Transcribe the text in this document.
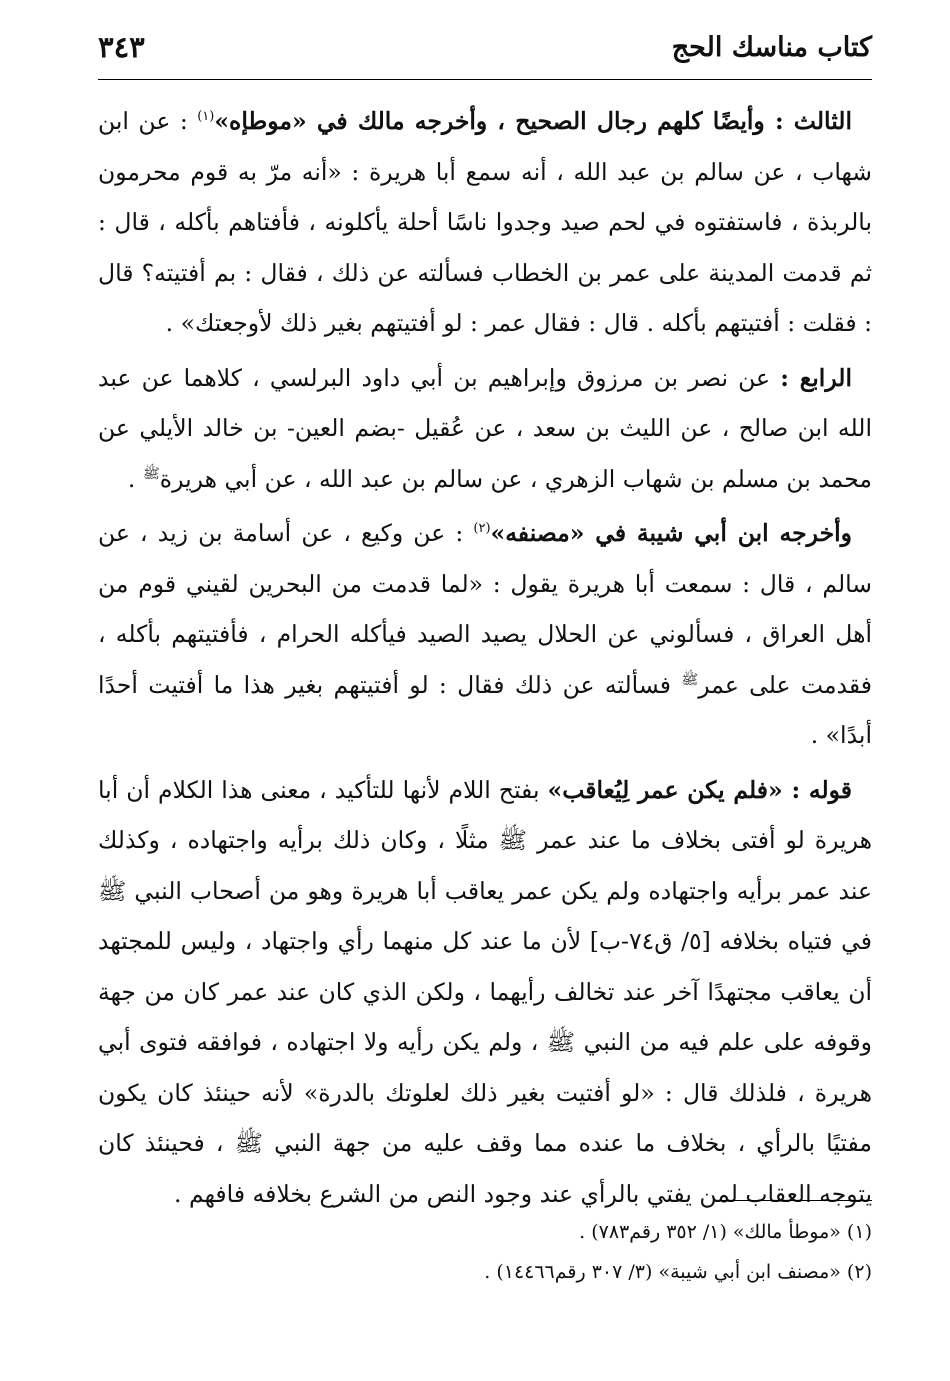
كتاب مناسك الحج
٣٤٣

الثالث : وأيضًا كلهم رجال الصحيح ، وأخرجه مالك في «موطإه»$^{(١)}$ : عن ابن شهاب ، عن سالم بن عبد الله ، أنه سمع أبا هريرة : «أنه مرّ به قوم محرمون بالربذة ، فاستفتوه في لحم صيد وجدوا ناسًا أحلة يأكلونه ، فأفتاهم بأكله ، قال : ثم قدمت المدينة على عمر بن الخطاب فسألته عن ذلك ، فقال : بم أفتيته؟ قال : فقلت : أفتيتهم بأكله . قال : فقال عمر : لو أفتيتهم بغير ذلك لأوجعتك» .

الرابع : عن نصر بن مرزوق وإبراهيم بن أبي داود البرلسي ، كلاهما عن عبد الله ابن صالح ، عن الليث بن سعد ، عن عُقيل -بضم العين- بن خالد الأيلي عن محمد بن مسلم بن شهاب الزهري ، عن سالم بن عبد الله ، عن أبي هريرة$^ﷺ$ .

وأخرجه ابن أبي شيبة في «مصنفه»$^{(٢)}$ : عن وكيع ، عن أسامة بن زيد ، عن سالم ، قال : سمعت أبا هريرة يقول : «لما قدمت من البحرين لقيني قوم من أهل العراق ، فسألوني عن الحلال يصيد الصيد فيأكله الحرام ، فأفتيتهم بأكله ، فقدمت على عمر$^ﷺ$ فسألته عن ذلك فقال : لو أفتيتهم بغير هذا ما أفتيت أحدًا أبدًا» .

قوله : «فلم يكن عمر لِيُعاقب» بفتح اللام لأنها للتأكيد ، معنى هذا الكلام أن أبا هريرة لو أفتى بخلاف ما عند عمر ﷺ مثلًا ، وكان ذلك برأيه واجتهاده ، وكذلك عند عمر برأيه واجتهاده ولم يكن عمر يعاقب أبا هريرة وهو من أصحاب النبي ﷺ في فتياه بخلافه [٥/ ق٧٤-ب] لأن ما عند كل منهما رأي واجتهاد ، وليس للمجتهد أن يعاقب مجتهدًا آخر عند تخالف رأيهما ، ولكن الذي كان عند عمر كان من جهة وقوفه على علم فيه من النبي ﷺ ، ولم يكن رأيه ولا اجتهاده ، فوافقه فتوى أبي هريرة ، فلذلك قال : «لو أفتيت بغير ذلك لعلوتك بالدرة» لأنه حينئذ كان يكون مفتيًا بالرأي ، بخلاف ما عنده مما وقف عليه من جهة النبي ﷺ ، فحينئذ كان يتوجه العقاب لمن يفتي بالرأي عند وجود النص من الشرع بخلافه فافهم .

(١) «موطأ مالك» (١/ ٣٥٢ رقم٧٨٣) .
(٢) «مصنف ابن أبي شيبة» (٣/ ٣٠٧ رقم١٤٤٦٦) .
